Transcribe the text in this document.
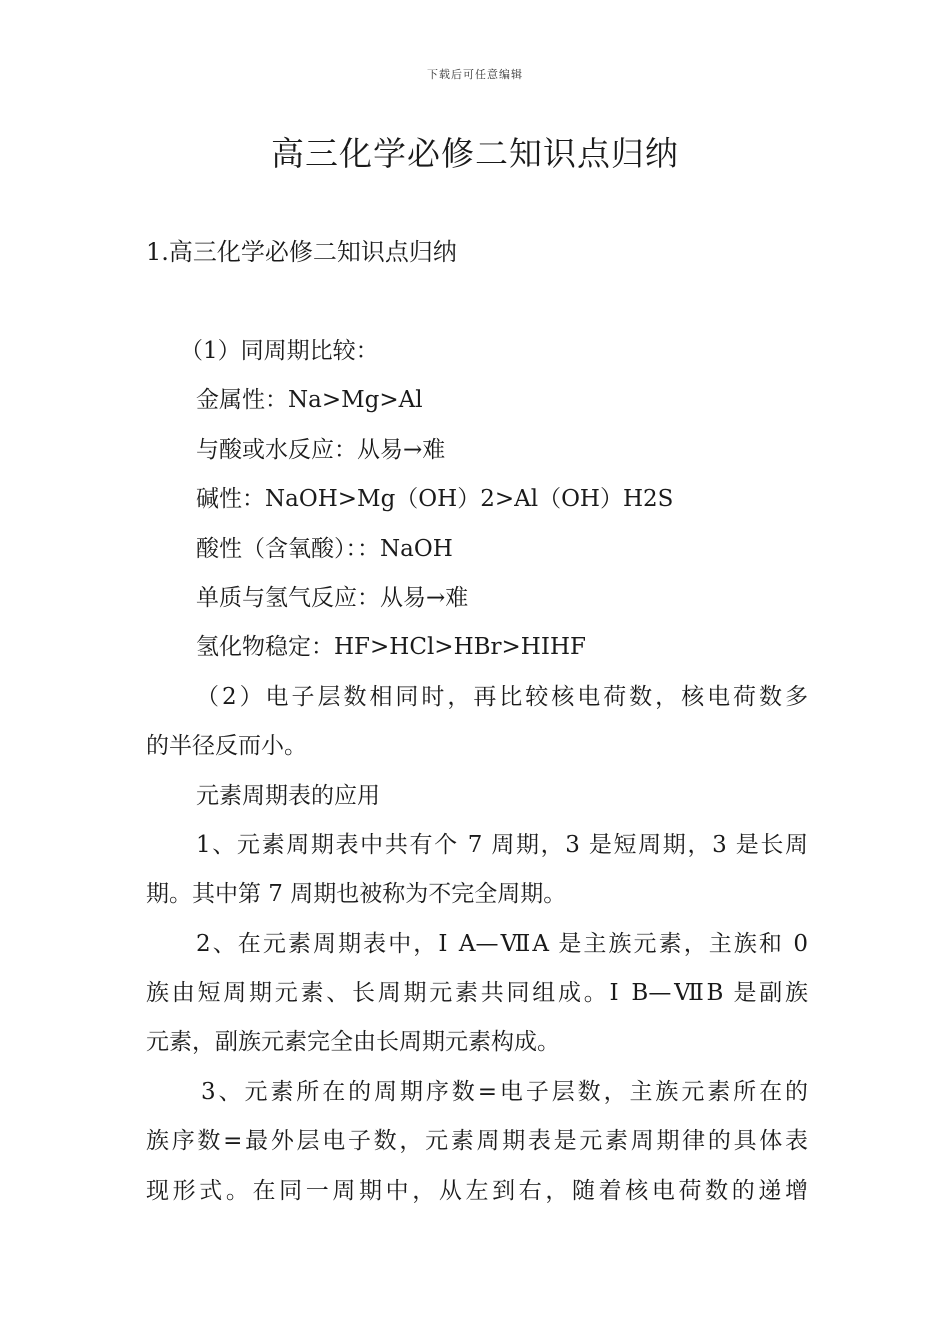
下载后可任意编辑
高三化学必修二知识点归纳
1.高三化学必修二知识点归纳
（1）同周期比较：
金属性：Na>Mg>Al
与酸或水反应：从易→难
碱性：NaOH>Mg（OH）2>Al（OH）H2S
酸性（含氧酸）：：NaOH
单质与氢气反应：从易→难
氢化物稳定：HF>HCl>HBr>HIHF
（2）电子层数相同时，再比较核电荷数，核电荷数多
的半径反而小。
元素周期表的应用
1、元素周期表中共有个 7 周期，3 是短周期，3 是长周
期。其中第 7 周期也被称为不完全周期。
2、在元素周期表中，Ⅰ A—ⅦA 是主族元素，主族和 0
族由短周期元素、长周期元素共同组成。Ⅰ B—ⅦB 是副族
元素，副族元素完全由长周期元素构成。
3、元素所在的周期序数=电子层数，主族元素所在的
族序数=最外层电子数，元素周期表是元素周期律的具体表
现形式。在同一周期中，从左到右，随着核电荷数的递增
